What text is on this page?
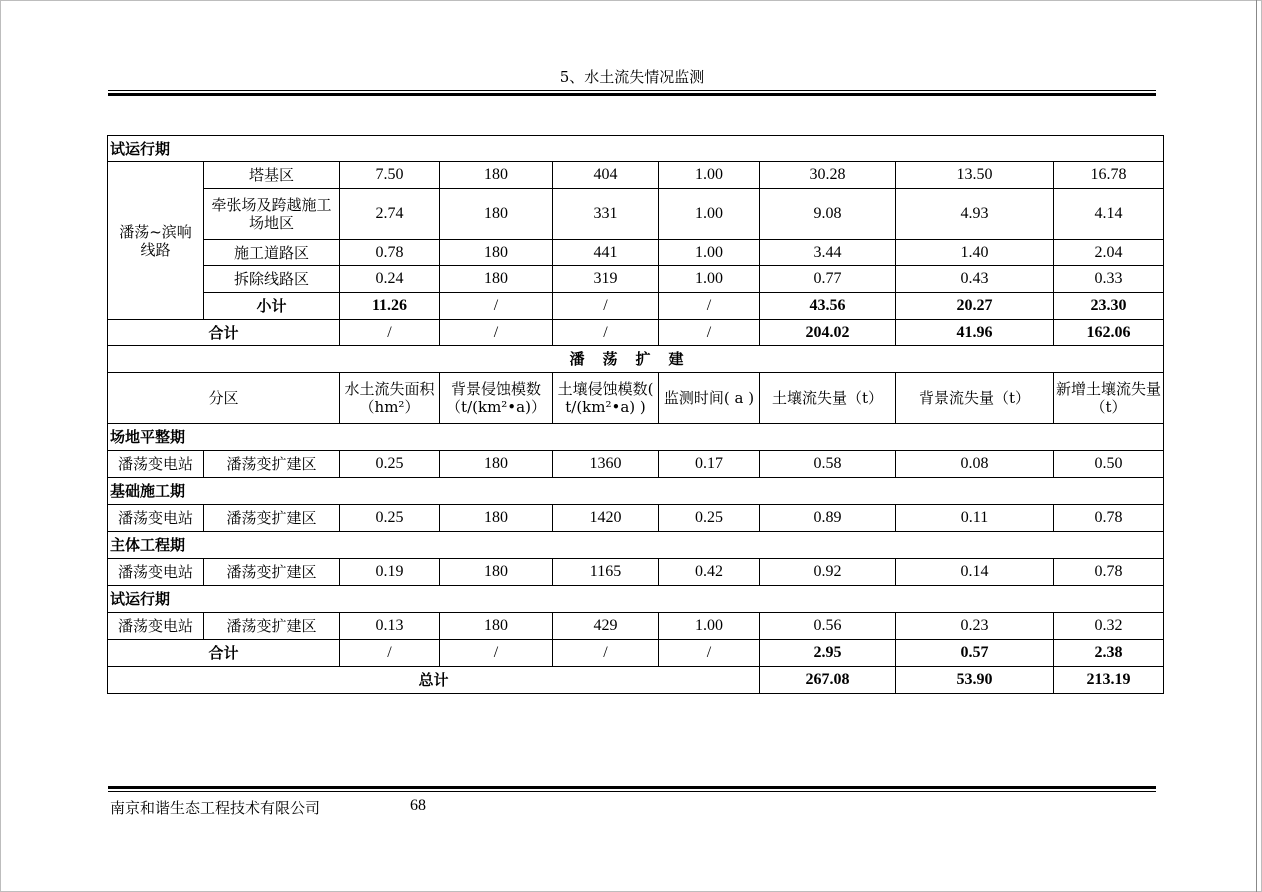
5、水土流失情况监测
试运行期								
潘荡~滨响线路	塔基区	7.50	180	404	1.00	30.28	13.50	16.78
	牵张场及跨越施工场地区	2.74	180	331	1.00	9.08	4.93	4.14
	施工道路区	0.78	180	441	1.00	3.44	1.40	2.04
	拆除线路区	0.24	180	319	1.00	0.77	0.43	0.33
	小计	11.26	/	/	/	43.56	20.27	23.30
合计		/	/	/	/	204.02	41.96	162.06
潘荡扩建								
分区		水土流失面积（hm²）	背景侵蚀模数（t/(km²•a)）	土壤侵蚀模数( t/(km²•a) )	监测时间( a )	土壤流失量（t）	背景流失量（t）	新增土壤流失量（t）
场地平整期								
潘荡变电站	潘荡变扩建区	0.25	180	1360	0.17	0.58	0.08	0.50
基础施工期								
潘荡变电站	潘荡变扩建区	0.25	180	1420	0.25	0.89	0.11	0.78
主体工程期								
潘荡变电站	潘荡变扩建区	0.19	180	1165	0.42	0.92	0.14	0.78
试运行期								
潘荡变电站	潘荡变扩建区	0.13	180	429	1.00	0.56	0.23	0.32
合计		/	/	/	/	2.95	0.57	2.38
总计						267.08	53.90	213.19
南京和谐生态工程技术有限公司	68
